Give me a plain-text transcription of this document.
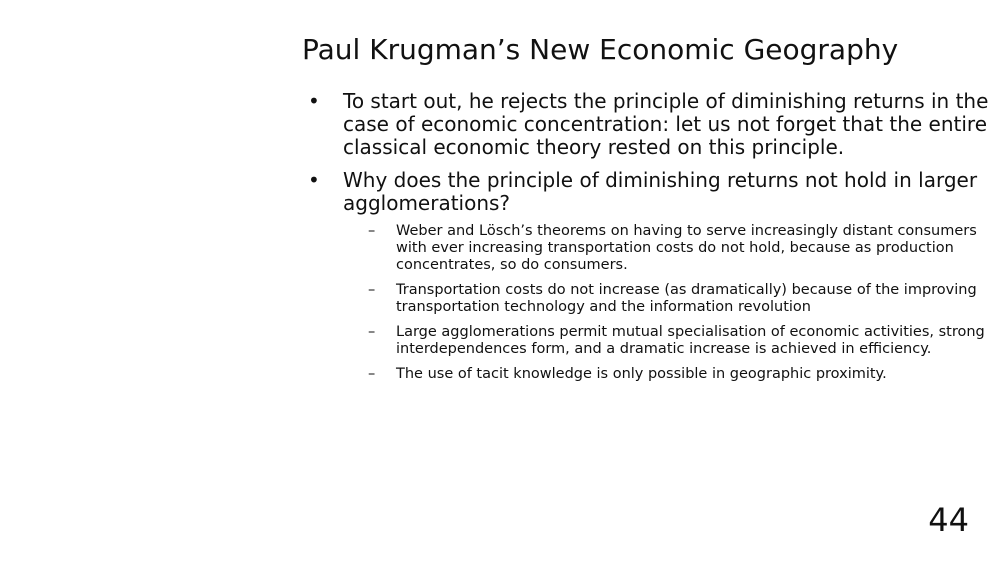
Paul Krugman’s New Economic Geography
• To start out, he rejects the principle of diminishing returns in the case of economic concentration: let us not forget that the entire classical economic theory rested on this principle.
• Why does the principle of diminishing returns not hold in larger agglomerations?
– Weber and Lösch’s theorems on having to serve increasingly distant consumers with ever increasing transportation costs do not hold, because as production concentrates, so do consumers.
– Transportation costs do not increase (as dramatically) because of the improving transportation technology and the information revolution
– Large agglomerations permit mutual specialisation of economic activities, strong interdependences form, and a dramatic increase is achieved in efficiency.
– The use of tacit knowledge is only possible in geographic proximity.
44
